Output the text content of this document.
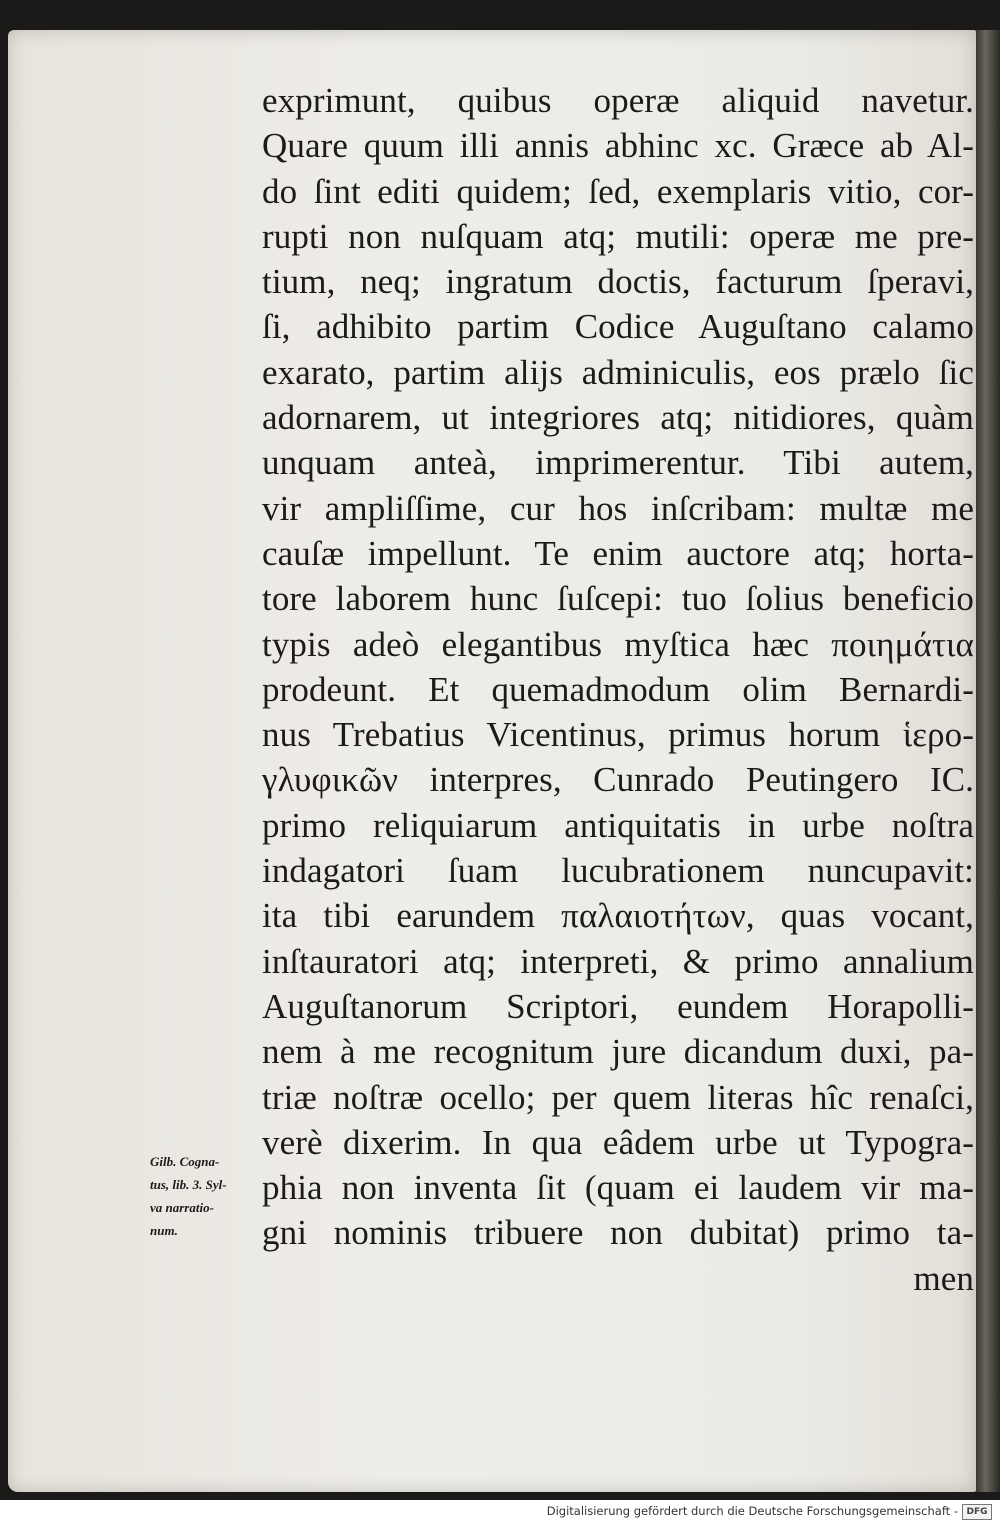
exprimunt, quibus operæ aliquid navetur.
Quare quum illi annis abhinc xc. Græce ab Al-
do ſint editi quidem; ſed, exemplaris vitio, cor-
rupti non nuſquam atq; mutili: operæ me pre-
tium, neq; ingratum doctis, facturum ſperavi,
ſi, adhibito partim Codice Auguſtano calamo
exarato, partim alijs adminiculis, eos prælo ſic
adornarem, ut integriores atq; nitidiores, quàm
unquam anteà, imprimerentur. Tibi autem,
vir ampliſſime, cur hos inſcribam: multæ me
cauſæ impellunt. Te enim auctore atq; horta-
tore laborem hunc ſuſcepi: tuo ſolius beneficio
typis adeò elegantibus myſtica hæc ποιημάτια
prodeunt. Et quemadmodum olim Bernardi-
nus Trebatius Vicentinus, primus horum ἱερο-
γλυφικῶν interpres, Cunrado Peutingero IC.
primo reliquiarum antiquitatis in urbe noſtra
indagatori ſuam lucubrationem nuncupavit:
ita tibi earundem παλαιοτήτων, quas vocant,
inſtauratori atq; interpreti, & primo annalium
Auguſtanorum Scriptori, eundem Horapolli-
nem à me recognitum jure dicandum duxi, pa-
triæ noſtræ ocello; per quem literas hîc renaſci,
verè dixerim. In qua eâdem urbe ut Typogra-
phia non inventa ſit (quam ei laudem vir ma-
gni nominis tribuere non dubitat) primo ta-
men
Gilb. Cogna-
tus, lib. 3. Syl-
va narratio-
num.
Digitalisierung gefördert durch die Deutsche Forschungsgemeinschaft - DFG
